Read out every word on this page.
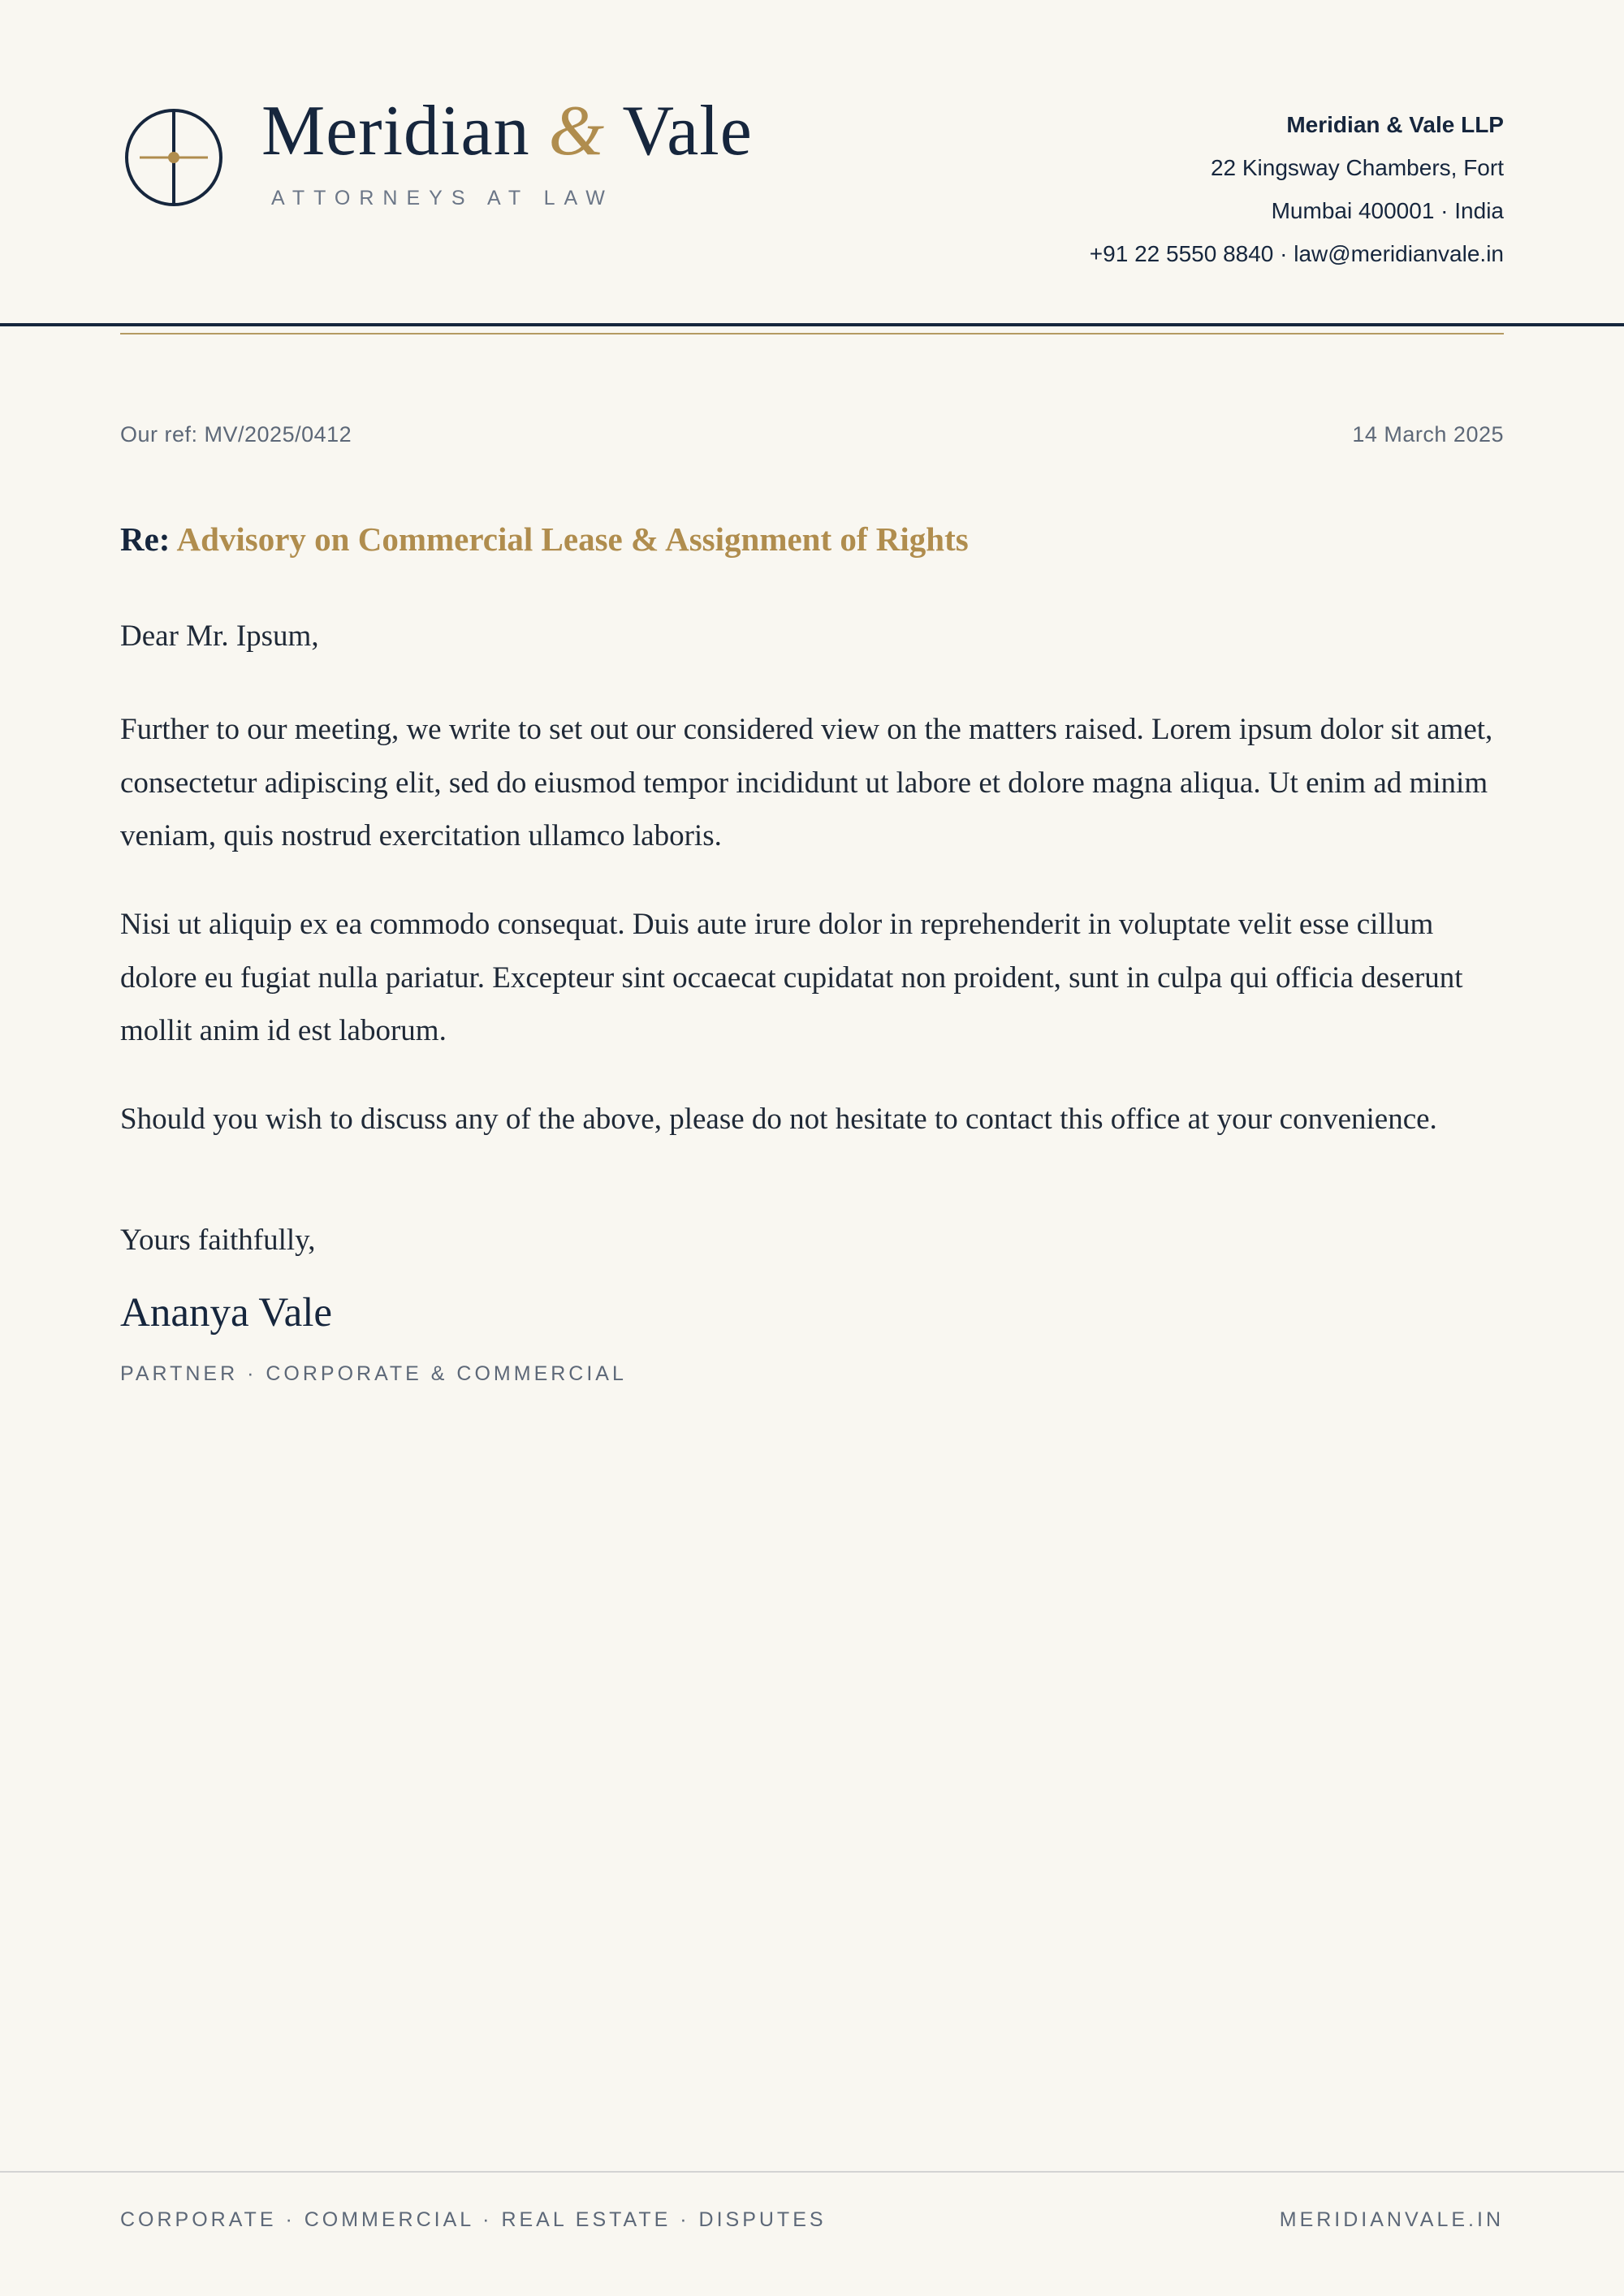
Meridian & Vale
ATTORNEYS AT LAW
Meridian & Vale LLP
22 Kingsway Chambers, Fort
Mumbai 400001 · India
+91 22 5550 8840 · law@meridianvale.in
Our ref: MV/2025/0412	14 March 2025
Re: Advisory on Commercial Lease & Assignment of Rights
Dear Mr. Ipsum,

Further to our meeting, we write to set out our considered view on the matters raised. Lorem ipsum dolor sit amet, consectetur adipiscing elit, sed do eiusmod tempor incididunt ut labore et dolore magna aliqua. Ut enim ad minim veniam, quis nostrud exercitation ullamco laboris.

Nisi ut aliquip ex ea commodo consequat. Duis aute irure dolor in reprehenderit in voluptate velit esse cillum dolore eu fugiat nulla pariatur. Excepteur sint occaecat cupidatat non proident, sunt in culpa qui officia deserunt mollit anim id est laborum.

Should you wish to discuss any of the above, please do not hesitate to contact this office at your convenience.

Yours faithfully,
Ananya Vale
PARTNER · CORPORATE & COMMERCIAL
CORPORATE · COMMERCIAL · REAL ESTATE · DISPUTES	MERIDIANVALE.IN
